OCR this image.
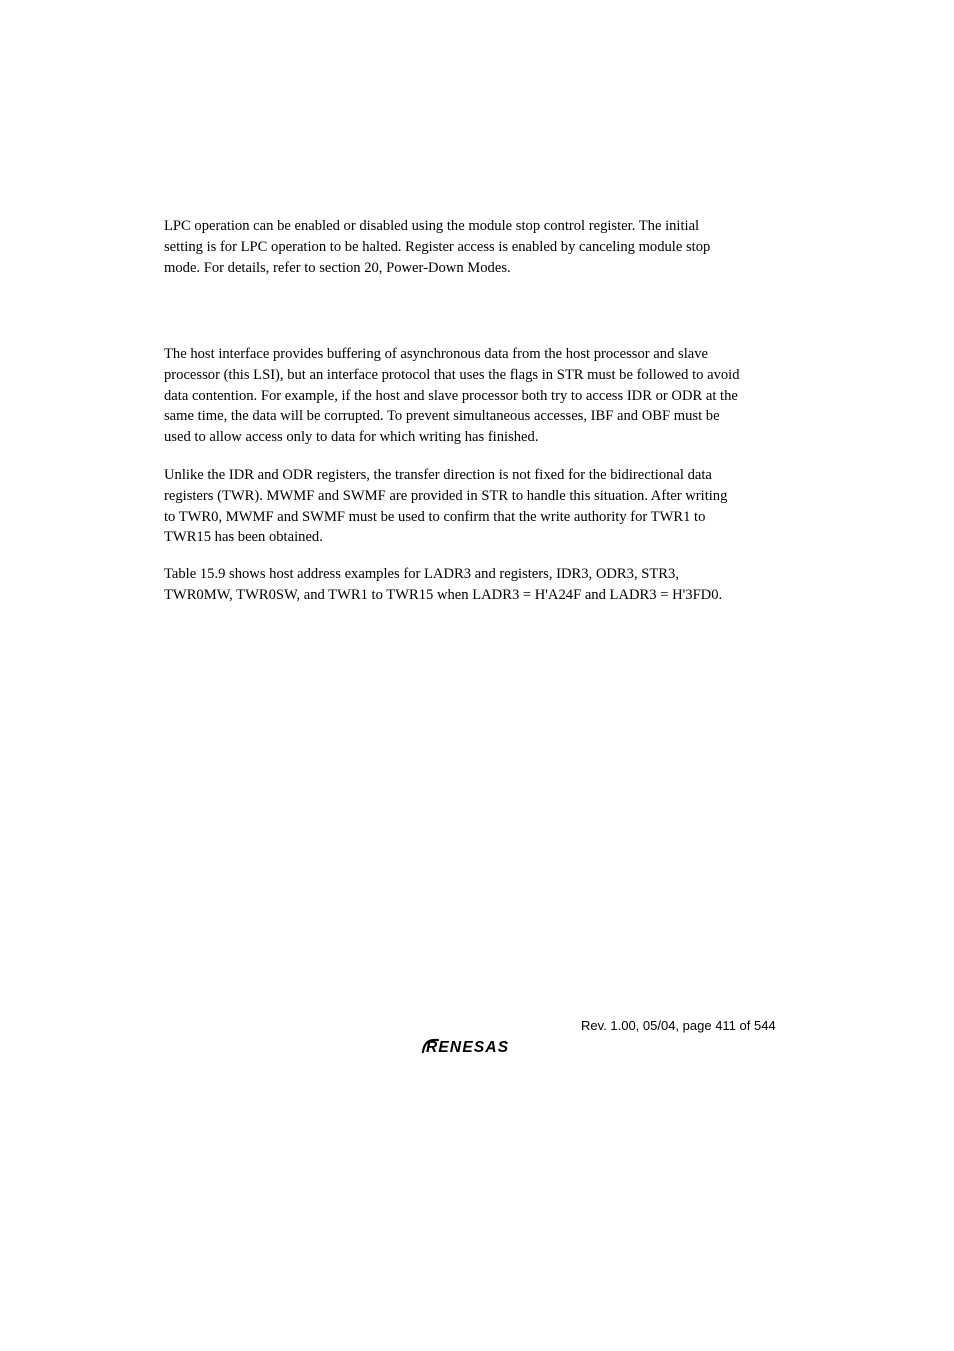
LPC operation can be enabled or disabled using the module stop control register. The initial
setting is for LPC operation to be halted. Register access is enabled by canceling module stop
mode. For details, refer to section 20, Power-Down Modes.

The host interface provides buffering of asynchronous data from the host processor and slave
processor (this LSI), but an interface protocol that uses the flags in STR must be followed to avoid
data contention. For example, if the host and slave processor both try to access IDR or ODR at the
same time, the data will be corrupted. To prevent simultaneous accesses, IBF and OBF must be
used to allow access only to data for which writing has finished.

Unlike the IDR and ODR registers, the transfer direction is not fixed for the bidirectional data
registers (TWR). MWMF and SWMF are provided in STR to handle this situation. After writing
to TWR0, MWMF and SWMF must be used to confirm that the write authority for TWR1 to
TWR15 has been obtained.

Table 15.9 shows host address examples for LADR3 and registers, IDR3, ODR3, STR3,
TWR0MW, TWR0SW, and TWR1 to TWR15 when LADR3 = H'A24F and LADR3 = H'3FD0.

Rev. 1.00, 05/04, page 411 of 544
RENESAS
